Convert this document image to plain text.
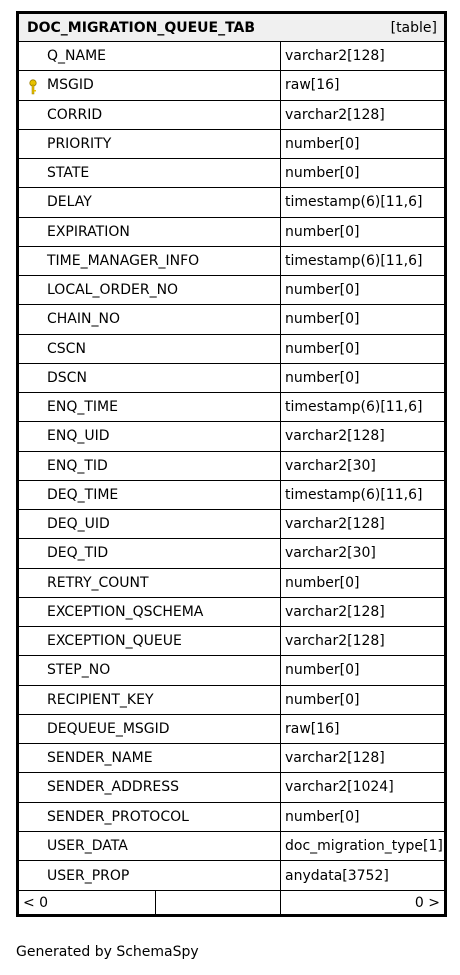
DOC_MIGRATION_QUEUE_TAB	[table]
Q_NAME	varchar2[128]
MSGID	raw[16]
CORRID	varchar2[128]
PRIORITY	number[0]
STATE	number[0]
DELAY	timestamp(6)[11,6]
EXPIRATION	number[0]
TIME_MANAGER_INFO	timestamp(6)[11,6]
LOCAL_ORDER_NO	number[0]
CHAIN_NO	number[0]
CSCN	number[0]
DSCN	number[0]
ENQ_TIME	timestamp(6)[11,6]
ENQ_UID	varchar2[128]
ENQ_TID	varchar2[30]
DEQ_TIME	timestamp(6)[11,6]
DEQ_UID	varchar2[128]
DEQ_TID	varchar2[30]
RETRY_COUNT	number[0]
EXCEPTION_QSCHEMA	varchar2[128]
EXCEPTION_QUEUE	varchar2[128]
STEP_NO	number[0]
RECIPIENT_KEY	number[0]
DEQUEUE_MSGID	raw[16]
SENDER_NAME	varchar2[128]
SENDER_ADDRESS	varchar2[1024]
SENDER_PROTOCOL	number[0]
USER_DATA	doc_migration_type[1]
USER_PROP	anydata[3752]
< 0	0 >
Generated by SchemaSpy
